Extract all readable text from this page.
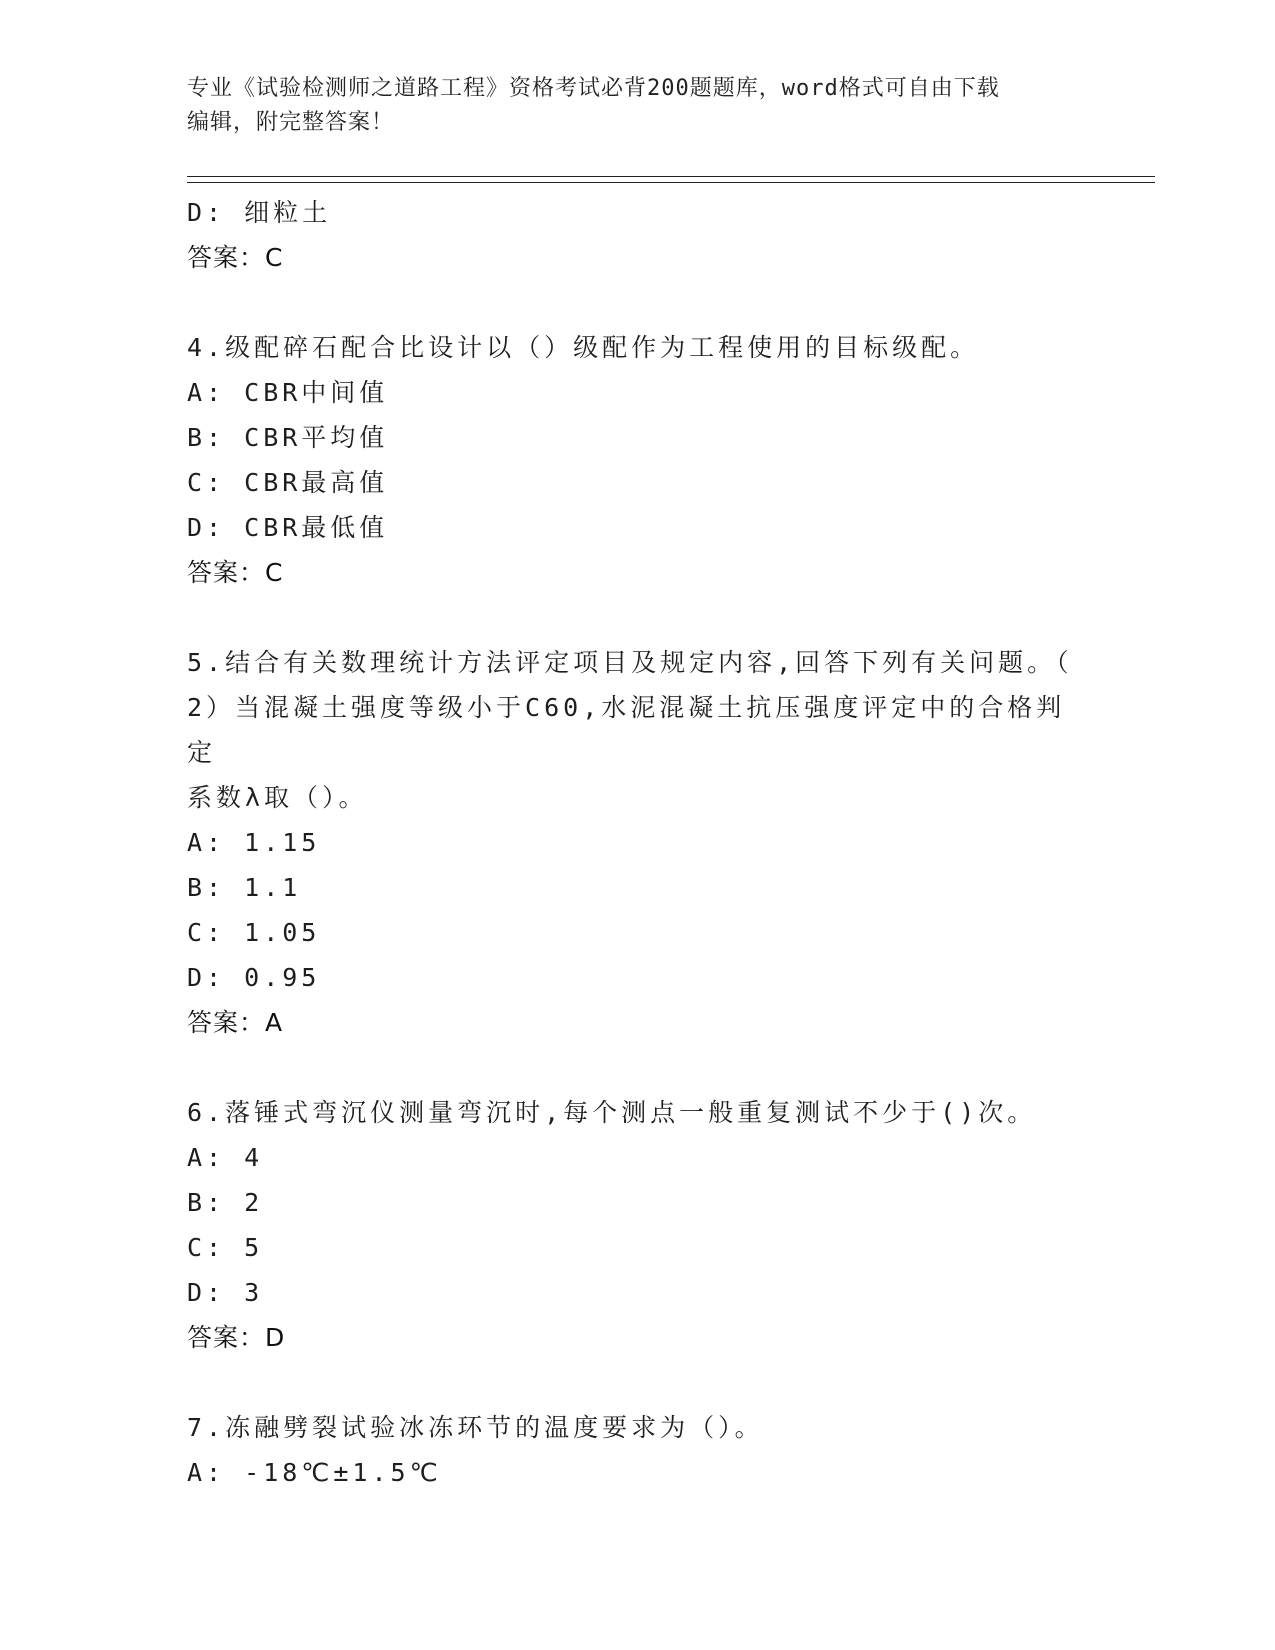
专业《试验检测师之道路工程》资格考试必背200题题库，word格式可自由下载
编辑，附完整答案！
D: 细粒土
答案：C
4.级配碎石配合比设计以（）级配作为工程使用的目标级配。
A: CBR中间值
B: CBR平均值
C: CBR最高值
D: CBR最低值
答案：C
5.结合有关数理统计方法评定项目及规定内容,回答下列有关问题。（
2）当混凝土强度等级小于C60,水泥混凝土抗压强度评定中的合格判定
系数λ取（）。
A: 1.15
B: 1.1
C: 1.05
D: 0.95
答案：A
6.落锤式弯沉仪测量弯沉时,每个测点一般重复测试不少于()次。
A: 4
B: 2
C: 5
D: 3
答案：D
7.冻融劈裂试验冰冻环节的温度要求为（）。
A: -18℃±1.5℃
